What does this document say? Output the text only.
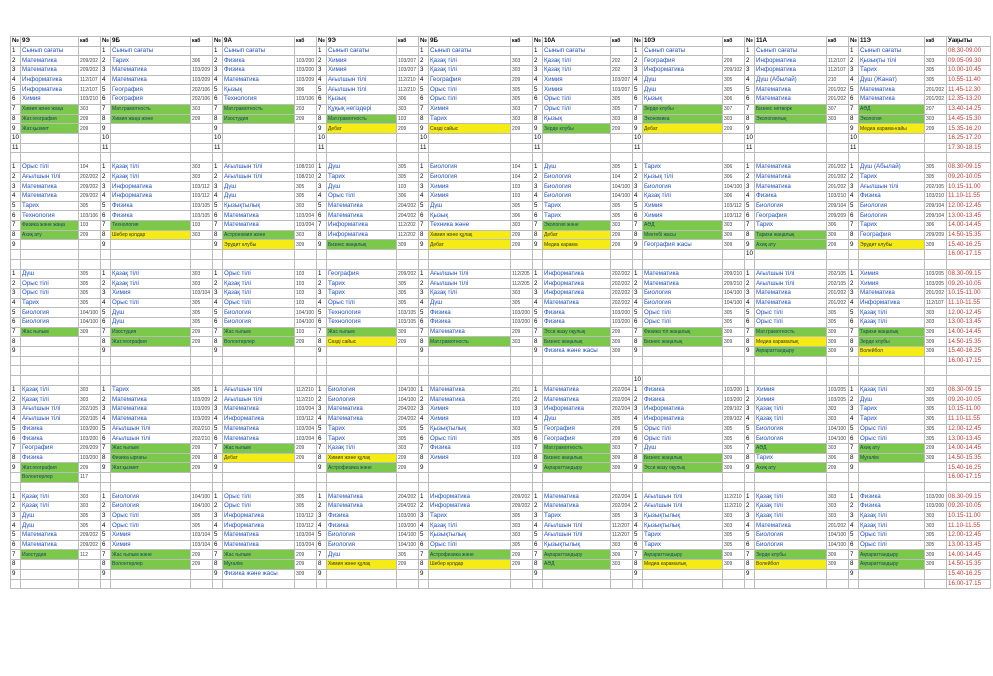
№	9Э	каб	№	9Б	каб	№	9А	каб	№	9Э	каб	№	9Б	каб	№	10А	каб	№	10Э	каб	№	11А	каб	№	11Э	каб	Уақыты
1	Сынып сағаты		1	Сынып сағаты		1	Сынып сағаты		1	Сынып сағаты		1	Сынып сағаты		1	Сынып сағаты		1	Сынып сағаты		1	Сынып сағаты		1	Сынып сағаты		08.30-09.00
2	Математика	209/202	2	Тарих	306	2	Физика	103/200	2	Химия	103/207	2	Қазақ тілі	303	2	Қазақ тілі	202	2	География	209	2	Информатика	112/107	2	Қызықты тілі	303	09.05-09.30
3	Математика	209/202	3	Математика	103/209	3	Физика	103/200	3	Химия	103/207	3	Қазақ тілі	303	3	Қазақ тілі	202	3	Информатика	209/102	3	Информатика	112/107	3	Тарих	305	10.00-10.45
4	Информатика	112/107	4	Математика	103/209	4	Математика	103/209	4	Ағылшын тілі	112/210	4	География	209	4	Химия	103/207	4	Дүш	305	4	Дүш (Абылай)	210	4	Дүш (Жанат)	305	10.55-11.40
5	Информатика	112/107	5	География	202/106	5	Қызық	306	5	Ағылшын тілі	112/210	5	Орыс тілі	305	5	Химия	103/207	5	Дүш	305	5	Математика	201/202	5	Математика	201/202	11.45-12.30
6	Химия	103/210	6	География	202/106	6	Технология	103/106	6	Қызық	306	6	Орыс тілі	305	6	Орыс тілі	305	6	Қызық	306	6	Математика	201/202	6	Математика	201/202	12.35-13.20
7	Химия және жаңа	303	7	Мат.грамотность	303	7	Мат.грамотность	203	7	Құқық негіздері	303	7	Химия	303	7	Орыс тілі	305	7	Зерде клубы	307	7	Бизнес нетворк	307	7	АӘД	207	13.40-14.25
8	Жат.география	209	8	Химия жаңа және	209	8	Изостудия	209	8	Мат.грамотность	103	8	Тарих	303	8	Қызық	303	8	Экономика	303	8	Экологиялық	303	8	Экология	303	14.45-15.30
9	Жат.қызмет	209	9			9			9	Дебат	209	9	Сөзді сайыс	209	9	Зерде клубы	209	9	Дебат	209	9			9	Медиа карама-кайы	209	15.35-16.20
10			10			10			10			10			10			10			10			10			16.25-17.20
11			11			11			11			11			11			11			11			11			17.30-18.15

1	Орыс тілі	104	1	Қазақ тілі	303	1	Ағылшын тілі	108/210	1	Дүш	305	1	Биология	104	1	Дүш	305	1	Тарих	306	1	Математика	201/202	1	Дүш (Абылай)	305	08.30-09.15
2	Ағылшын тілі	202/202	2	Қазақ тілі	303	2	Ағылшын тілі	108/210	2	Тарих	305	2	Биология	104	2	Биология	104	2	Қызық тілі	306	2	Математика	201/202	2	Тарих	305	09.20-10.05
3	Математика	209/202	3	Информатика	103/112	3	Дүш	305	3	Дүш	103	3	Химия	103	3	Биология	104/100	3	Биология	104/100	3	Математика	201/202	3	Ағылшын тілі	202/105	10.15-11.00
4	Математика	209/202	4	Информатика	103/112	4	Дүш	305	4	Орыс тілі	306	4	Химия	103	4	Биология	104/100	4	Қазақ тілі	306	4	Физика	103/210	4	Физика	103/210	11.10-11.55
5	Тарих	305	5	Физика	103/105	5	Қызықтылық	303	5	Математика	204/202	5	Дүш	305	5	Тарих	305	5	Химия	103/112	5	Биология	209/104	5	Биология	209/104	12.00-12.45
6	Технология	103/106	6	Физика	103/105	6	Математика	103/204	6	Математика	204/202	6	Қызық	306	6	Тарих	305	6	Химия	103/112	6	География	209/209	6	Биология	209/104	13.00-13.45
7	Физика және жаңа	103	7	Технология	103	7	Математика	103/204	7	Информатика	112/202	7	Техника және	303	7	Экология және	303	7	АӘД	303	7	Тарих	306	7	Тарих	306	14.00-14.45
8	Ахиқ ату	209	8	Шебер қолдар	303	8	Астрономия және	303	8	Информатика	112/202	8	Химия және құлақ	209	8	Дебат	209	8	Мектебі жасы	309	8	Тарихи жаңалық	309	8	География	209/209	14.50-15.35
9			9			9	Эрудит клубы	309	9	Бизнес жаңалық	309	9	Дебат	209	9	Медиа карама	209	9	География жасы	309	9	Ахиқ ату	209	9	Эрудит клубы	309	15.40-16.25
																					10						16.00-17.15

1	Дүш	305	1	Қазақ тілі	303	1	Орыс тілі	103	1	География	209/202	1	Ағылшын тілі	112/205	1	Информатика	202/202	1	Математика	209/210	1	Ағылшын тілі	202/105	1	Химия	103/205	08.30-09.15
2	Орыс тілі	305	2	Қазақ тілі	303	2	Қазақ тілі	103	2	Тарих	305	2	Ағылшын тілі	112/205	2	Информатика	202/202	2	Математика	209/210	2	Ағылшын тілі	202/105	2	Химия	103/205	09.20-10.05
3	Орыс тілі	305	3	Химия	103/104	3	Қазақ тілі	103	3	Тарих	305	3	Қазақ тілі	303	3	Информатика	202/202	3	Биология	104/100	3	Математика	201/202	3	Математика	201/202	10.15-11.00
4	Тарих	305	4	Орыс тілі	305	4	Орыс тілі	103	4	Орыс тілі	305	4	Дүш	305	4	Математика	202/202	4	Биология	104/100	4	Математика	201/202	4	Информатика	112/107	11.10-11.55
5	Биология	104/100	5	Дүш	305	5	Биология	104/100	5	Технология	103/105	5	Физика	103/200	5	Физика	103/200	5	Орыс тілі	305	5	Орыс тілі	305	5	Қазақ тілі	303	12.00-12.45
6	Биология	104/100	6	Дүш	305	6	Биология	104/100	6	Технология	103/105	6	Физика	103/200	6	Физика	103/200	6	Орыс тілі	305	6	Орыс тілі	305	6	Қазақ тілі	303	13.00-13.45
7	Жас ғылым	309	7	Изостудия	209	7	Жас ғылым	103	7	Жас ғылым	309	7	Математика	209	7	Эсси жазу оқулық	209	7	Физика тіл жаңалық	309	7	Мат.грамотность	309	7	Тарихи жаңалық	309	14.00-14.45
8			8	Жат.география	209	8	Волонтерлер	209	8	Сөзді сайыс	209	8	Мат.грамотность	303	8	Бизнес жаңалық	309	8	Бизнес жаңалық	309	8	Медиа карамалық	309	8	Зерде клубы	309	14.50-15.35
9			9			9			9			9			9	Физика және жасы	309	9			9	Ақпараттандыру	309	9	Волейбол	309	15.40-16.25
																											16.00-17.15

																		10									
1	Қазақ тілі	303	1	Тарих	305	1	Ағылшын тілі	112/210	1	Биология	104/100	1	Математика	201	1	Математика	202/204	1	Физика	103/200	1	Химия	103/205	1	Қазақ тілі	303	08.30-09.15
2	Қазақ тілі	303	2	Математика	103/209	2	Ағылшын тілі	112/210	2	Биология	104/100	2	Математика	201	2	Математика	202/204	2	Физика	103/200	2	Химия	103/205	2	Дүш	305	09.20-10.05
3	Ағылшын тілі	202/105	3	Математика	103/209	3	Математика	103/204	3	Математика	204/202	3	Химия	103	3	Информатика	202/204	3	Информатика	209/102	3	Қазақ тілі	303	3	Тарих	305	10.15-11.00
4	Ағылшын тілі	202/105	4	Математика	103/209	4	Информатика	103/112	4	Математика	204/202	4	Химия	103	4	Дүш	305	4	Информатика	209/102	4	Қазақ тілі	303	4	Тарих	305	11.10-11.55
5	Физика	103/200	5	Ағылшын тілі	202/210	5	Математика	103/204	5	Тарих	305	5	Қызықтылық	303	5	География	209	5	Орыс тілі	305	5	Биология	104/100	5	Орыс тілі	305	12.00-12.45
6	Физика	103/200	6	Ағылшын тілі	202/210	6	Математика	103/204	6	Тарих	305	6	Орыс тілі	305	6	География	209	6	Орыс тілі	305	6	Биология	104/100	6	Орыс тілі	305	13.00-13.45
7	География	209/209	7	Жас ғылым	209	7	Жас ғылым	209	7	Қазақ тілі	303	7	Физика	103	7	Мат.грамотность	303	7	Дүш	305	7	АӘД	303	7	Ахиқ ату	209	14.00-14.45
8	Физика	103/200	8	Физика ырғағы	209	8	Дебат	209	8	Химия және құлақ	209	8	Химия	103	8	Бизнес жаңалық	309	8	Бизнес жаңалық	309	8	Тарих	306	8	Мұғалім	309	14.50-15.35
9	Жат.география	209	9	Жат.қызмет	209	9			9	Астрофизика және	209	9			9	Ақпараттандыру	309	9	Эсси жазу оқулық	309	9	Ахиқ ату	209	9			15.40-16.25
	Волонтерлер	117																									16.00-17.15

1	Қазақ тілі	303	1	Биология	104/100	1	Орыс тілі	305	1	Математика	204/202	1	Информатика	209/202	1	Математика	202/204	1	Ағылшын тілі	112/210	1	Қазақ тілі	303	1	Физика	103/200	08.30-09.15
2	Қазақ тілі	303	2	Биология	104/100	2	Орыс тілі	305	2	Математика	204/202	2	Информатика	209/202	2	Математика	202/204	2	Ағылшын тілі	112/210	2	Қазақ тілі	303	2	Физика	103/200	09.20-10.05
3	Дүш	305	3	Орыс тілі	305	3	Информатика	103/112	3	Физика	103/200	3	Тарих	305	3	Тарих	305	3	Қызықтылық	303	3	Қазақ тілі	303	3	Қазақ тілі	303	10.15-11.00
4	Дүш	305	4	Орыс тілі	305	4	Информатика	103/112	4	Физика	103/200	4	Қазақ тілі	303	4	Ағылшын тілі	112/207	4	Қызықтылық	303	4	Математика	201/202	4	Қазақ тілі	303	11.10-11.55
5	Математика	209/202	5	Химия	103/104	5	Математика	103/204	5	Биология	104/100	5	Қызықтылық	303	5	Ағылшын тілі	112/207	5	Тарих	305	5	Биология	104/100	5	Орыс тілі	305	12.00-12.45
6	Математика	209/202	6	Химия	103/104	6	Математика	103/204	6	Биология	104/100	6	Орыс тілі	305	6	Қызықтылық	303	6	Тарих	305	6	Биология	104/100	6	Орыс тілі	305	13.00-13.45
7	Изостудия	112	7	Жас ғылым және	209	7	Жас ғылым	209	7	Дүш	305	7	Астрофизика және	209	7	Ақпараттандыру	309	7	Ақпараттандыру	309	7	Зерде клубы	309	7	Ақпараттандыру	309	14.00-14.45
8			8	Волонтерлер	209	8	Мұғалім	209	8	Химия және құлақ	209	8	Шебер қолдар	209	8	АӘД	303	8	Медиа карамалық	309	8	Волейбол	309	8	Ақпараттандыру	309	14.50-15.35
9			9			9	Физика және жасы	309	9			9			9			9			9			9			15.40-16.25
																											16.00-17.15
